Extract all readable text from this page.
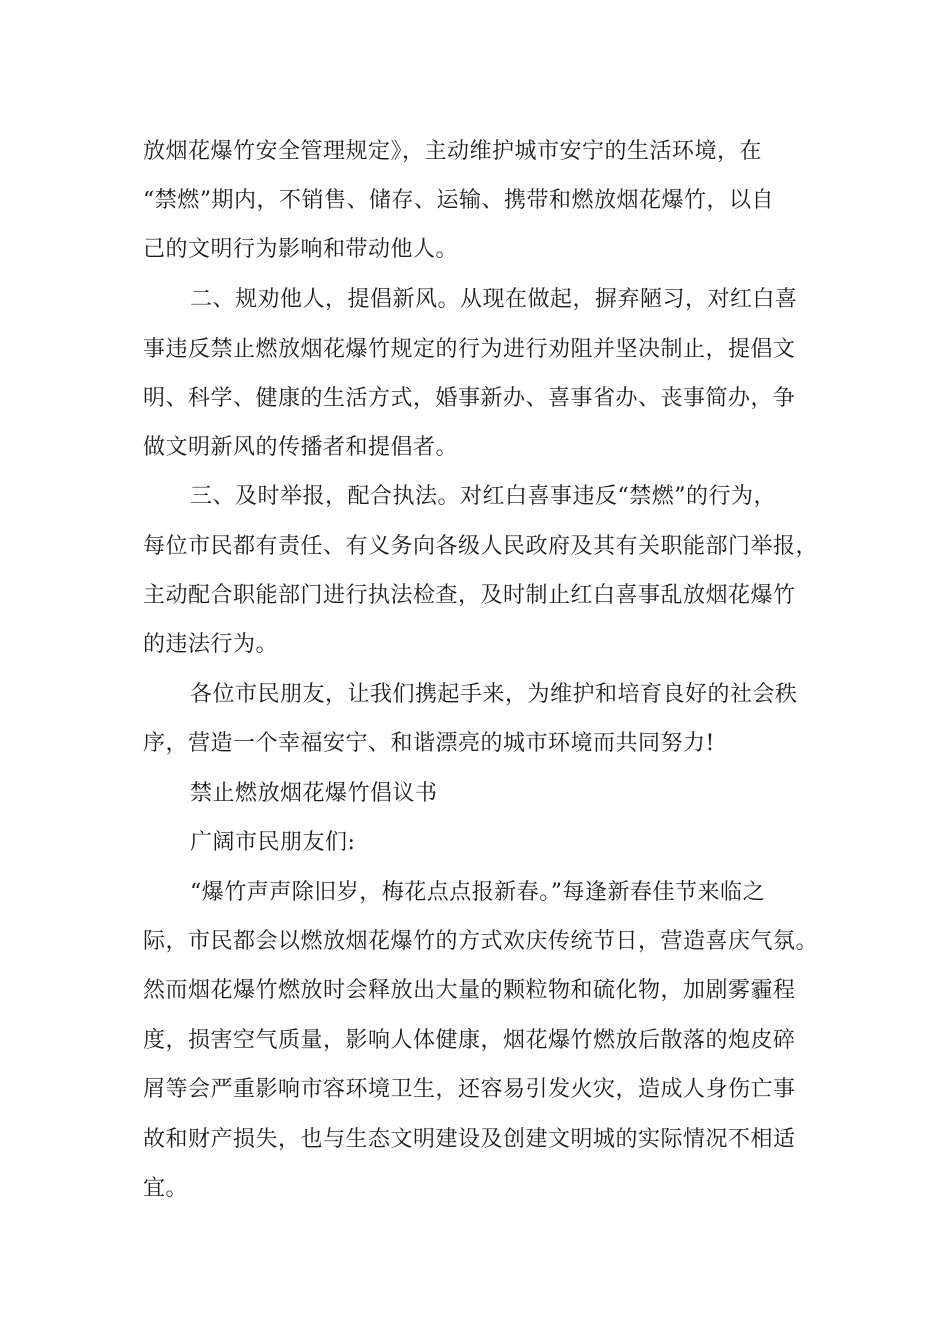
放烟花爆竹安全管理规定》，主动维护城市安宁的生活环境，在
“禁燃”期内，不销售、储存、运输、携带和燃放烟花爆竹，以自
己的文明行为影响和带动他人。
二、规劝他人，提倡新风。从现在做起，摒弃陋习，对红白喜
事违反禁止燃放烟花爆竹规定的行为进行劝阻并坚决制止，提倡文
明、科学、健康的生活方式，婚事新办、喜事省办、丧事简办，争
做文明新风的传播者和提倡者。
三、及时举报，配合执法。对红白喜事违反“禁燃”的行为，
每位市民都有责任、有义务向各级人民政府及其有关职能部门举报，
主动配合职能部门进行执法检查，及时制止红白喜事乱放烟花爆竹
的违法行为。
各位市民朋友，让我们携起手来，为维护和培育良好的社会秩
序，营造一个幸福安宁、和谐漂亮的城市环境而共同努力!
禁止燃放烟花爆竹倡议书
广阔市民朋友们:
“爆竹声声除旧岁，梅花点点报新春。”每逢新春佳节来临之
际，市民都会以燃放烟花爆竹的方式欢庆传统节日，营造喜庆气氛。
然而烟花爆竹燃放时会释放出大量的颗粒物和硫化物，加剧雾霾程
度，损害空气质量，影响人体健康，烟花爆竹燃放后散落的炮皮碎
屑等会严重影响市容环境卫生，还容易引发火灾，造成人身伤亡事
故和财产损失，也与生态文明建设及创建文明城的实际情况不相适
宜。
